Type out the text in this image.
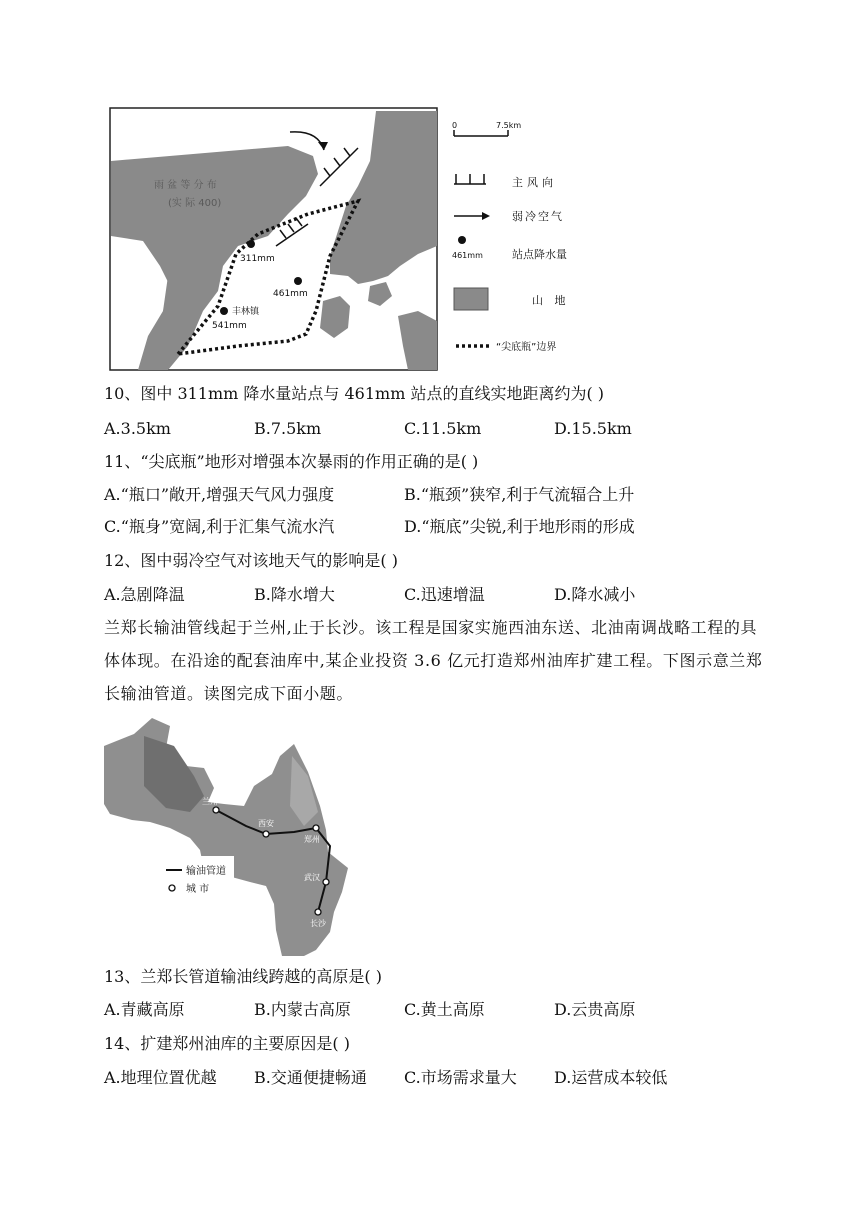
311mm
461mm
541mm
丰林镇
雨 盆 等 分 布
(实 际 400)
0	7.5km
主风向
弱冷空气
461mm	站点降水量
山 地
“尖底瓶”边界
10、图中 311mm 降水量站点与 461mm 站点的直线实地距离约为( )
A.3.5km	B.7.5km	C.11.5km	D.15.5km
11、“尖底瓶”地形对增强本次暴雨的作用正确的是( )
A.“瓶口”敞开,增强天气风力强度	B.“瓶颈”狭窄,利于气流辐合上升
C.“瓶身”宽阔,利于汇集气流水汽	D.“瓶底”尖锐,利于地形雨的形成
12、图中弱冷空气对该地天气的影响是( )
A.急剧降温	B.降水增大	C.迅速增温	D.降水减小
兰郑长输油管线起于兰州,止于长沙。该工程是国家实施西油东送、北油南调战略工程的具体体现。在沿途的配套油库中,某企业投资 3.6 亿元打造郑州油库扩建工程。下图示意兰郑长输油管道。读图完成下面小题。
兰州
西安
郑州
武汉
长沙
输油管道
城 市
13、兰郑长管道输油线跨越的高原是( )
A.青藏高原	B.内蒙古高原	C.黄土高原	D.云贵高原
14、扩建郑州油库的主要原因是( )
A.地理位置优越 B.交通便捷畅通 C.市场需求量大 D.运营成本较低
